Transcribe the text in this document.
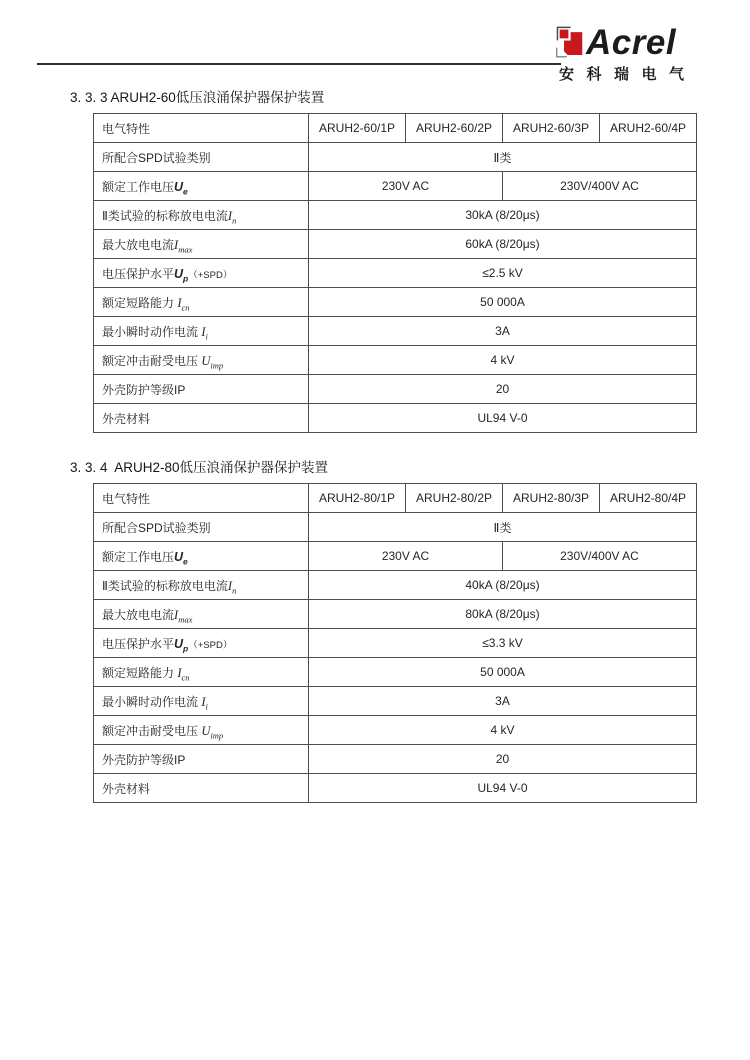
Acrel
安科瑞电气
3. 3. 3 ARUH2-60低压浪涌保护器保护装置
电气特性	ARUH2-60/1P	ARUH2-60/2P	ARUH2-60/3P	ARUH2-60/4P
所配合SPD试验类别	Ⅱ类			
额定工作电压$U_e$	230V AC		230V/400V AC	
Ⅱ类试验的标称放电电流$I_n$	30kA (8/20μs)			
最大放电电流$I_{max}$	60kA (8/20μs)			
电压保护水平$U_p(+SPD)$	≤2.5 kV			
额定短路能力 $I_{cn}$	50 000A			
最小瞬时动作电流 $I_i$	3A			
额定冲击耐受电压 $U_{imp}$	4 kV			
外壳防护等级IP	20			
外壳材料	UL94 V-0			
3. 3. 4  ARUH2-80低压浪涌保护器保护装置
电气特性	ARUH2-80/1P	ARUH2-80/2P	ARUH2-80/3P	ARUH2-80/4P
所配合SPD试验类别	Ⅱ类			
额定工作电压$U_e$	230V AC		230V/400V AC	
Ⅱ类试验的标称放电电流$I_n$	40kA (8/20μs)			
最大放电电流$I_{max}$	80kA (8/20μs)			
电压保护水平$U_p(+SPD)$	≤3.3 kV			
额定短路能力 $I_{cn}$	50 000A			
最小瞬时动作电流 $I_i$	3A			
额定冲击耐受电压 $U_{imp}$	4 kV			
外壳防护等级IP	20			
外壳材料	UL94 V-0			
